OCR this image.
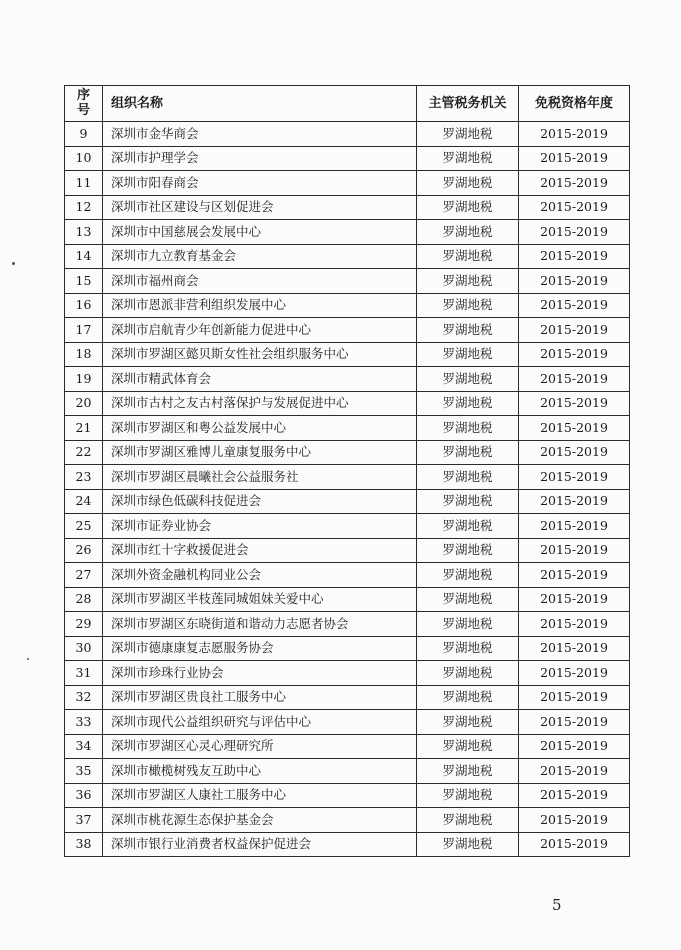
序
号	组织名称	主管税务机关	免税资格年度
9	深圳市金华商会	罗湖地税	2015-2019
10	深圳市护理学会	罗湖地税	2015-2019
11	深圳市阳春商会	罗湖地税	2015-2019
12	深圳市社区建设与区划促进会	罗湖地税	2015-2019
13	深圳市中国慈展会发展中心	罗湖地税	2015-2019
14	深圳市九立教育基金会	罗湖地税	2015-2019
15	深圳市福州商会	罗湖地税	2015-2019
16	深圳市恩派非营利组织发展中心	罗湖地税	2015-2019
17	深圳市启航青少年创新能力促进中心	罗湖地税	2015-2019
18	深圳市罗湖区懿贝斯女性社会组织服务中心	罗湖地税	2015-2019
19	深圳市精武体育会	罗湖地税	2015-2019
20	深圳市古村之友古村落保护与发展促进中心	罗湖地税	2015-2019
21	深圳市罗湖区和粤公益发展中心	罗湖地税	2015-2019
22	深圳市罗湖区雅博儿童康复服务中心	罗湖地税	2015-2019
23	深圳市罗湖区晨曦社会公益服务社	罗湖地税	2015-2019
24	深圳市绿色低碳科技促进会	罗湖地税	2015-2019
25	深圳市证券业协会	罗湖地税	2015-2019
26	深圳市红十字救援促进会	罗湖地税	2015-2019
27	深圳外资金融机构同业公会	罗湖地税	2015-2019
28	深圳市罗湖区半枝莲同城姐妹关爱中心	罗湖地税	2015-2019
29	深圳市罗湖区东晓街道和谐动力志愿者协会	罗湖地税	2015-2019
30	深圳市德康康复志愿服务协会	罗湖地税	2015-2019
31	深圳市珍珠行业协会	罗湖地税	2015-2019
32	深圳市罗湖区贵良社工服务中心	罗湖地税	2015-2019
33	深圳市现代公益组织研究与评估中心	罗湖地税	2015-2019
34	深圳市罗湖区心灵心理研究所	罗湖地税	2015-2019
35	深圳市橄榄树残友互助中心	罗湖地税	2015-2019
36	深圳市罗湖区人康社工服务中心	罗湖地税	2015-2019
37	深圳市桃花源生态保护基金会	罗湖地税	2015-2019
38	深圳市银行业消费者权益保护促进会	罗湖地税	2015-2019
5
